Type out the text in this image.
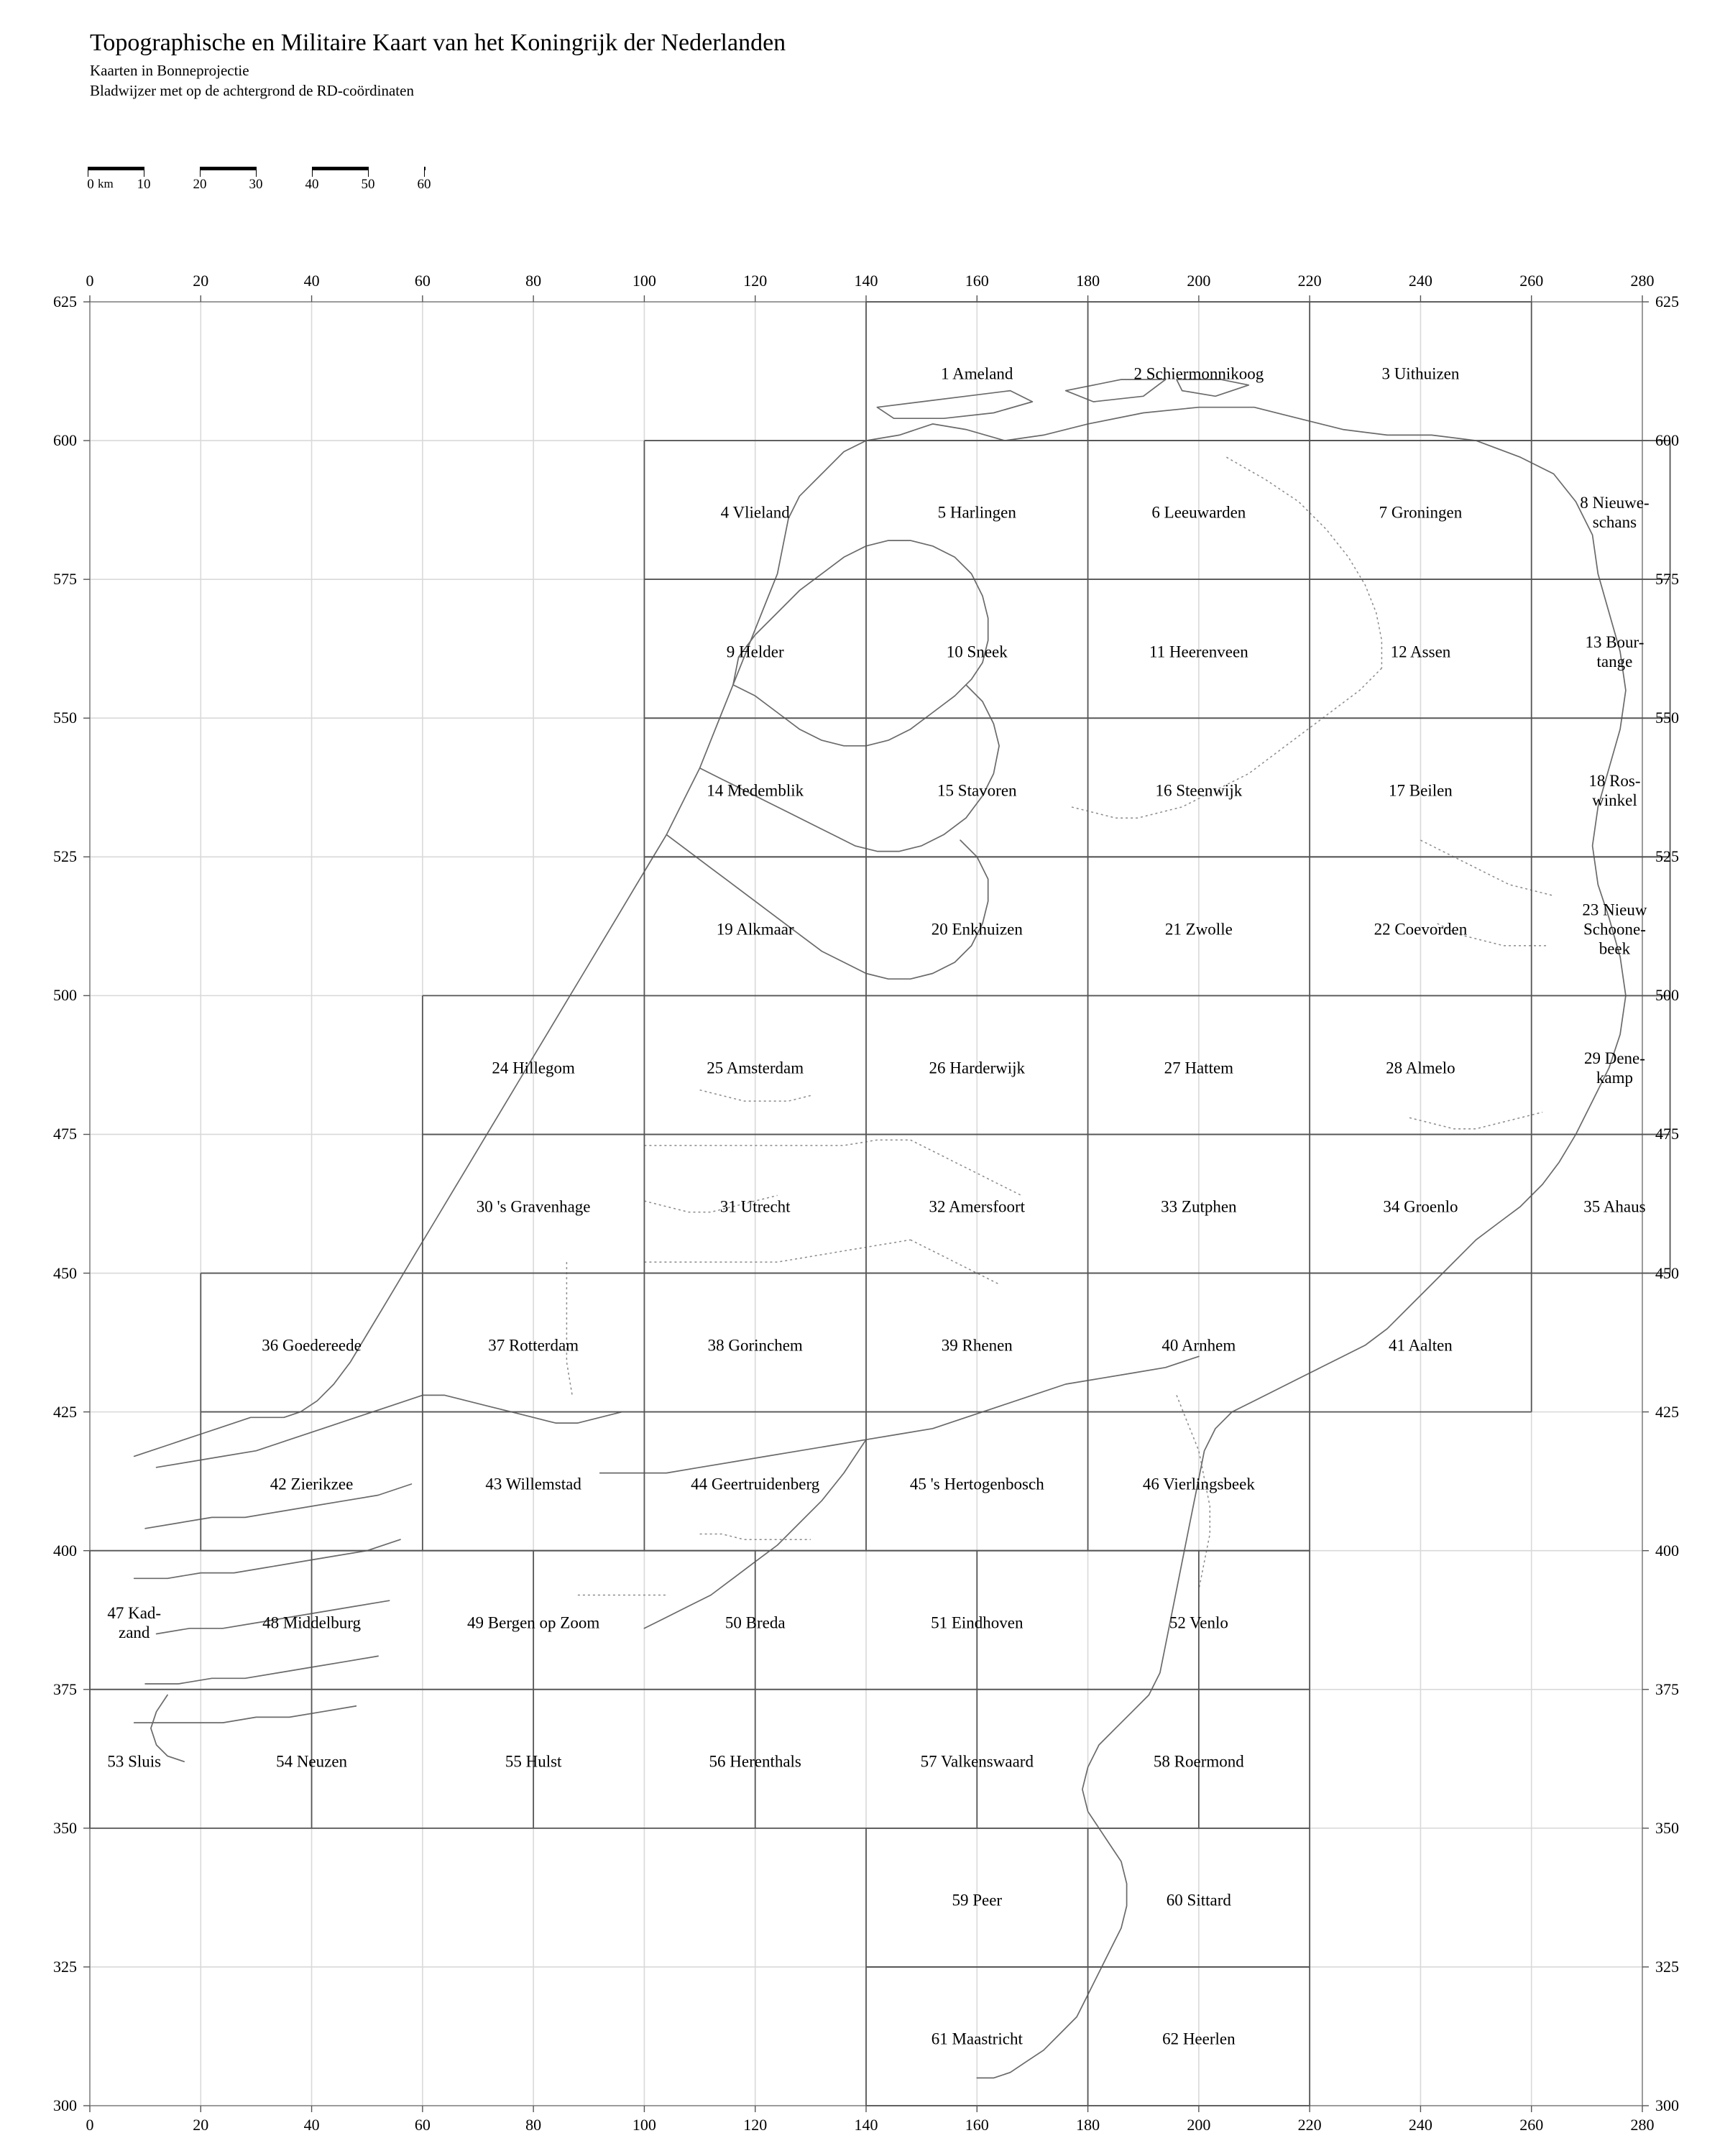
Topographische en Militaire Kaart van het Koningrijk der Nederlanden
Kaarten in Bonneprojectie
Bladwijzer met op de achtergrond de RD-coördinaten
0 km 10	20	30	40	50	60
0	20	40	60	80	100	120	140	160	180	200	220	240	260	280
0	20	40	60	80	100	120	140	160	180	200	220	240	260	280
625
600
575
550
525
500
475
450
425
400
375
350
325
300
625
600
575
550
525
500
475
450
425
400
375
350
325
300
1 Ameland	2 Schiermonnikoog	3 Uithuizen
4 Vlieland	5 Harlingen	6 Leeuwarden	7 Groningen
8 Nieuwe-
schans
9 Helder	10 Sneek	11 Heerenveen	12 Assen
13 Bour-
tange
14 Medemblik	15 Stavoren	16 Steenwijk	17 Beilen
18 Ros-
winkel
19 Alkmaar	20 Enkhuizen	21 Zwolle	22 Coevorden
23 Nieuw
Schoone-
beek
24 Hillegom	25 Amsterdam	26 Harderwijk	27 Hattem	28 Almelo
29 Dene-
kamp
30 's Gravenhage	31 Utrecht	32 Amersfoort	33 Zutphen	34 Groenlo	35 Ahaus
36 Goedereede	37 Rotterdam	38 Gorinchem	39 Rhenen	40 Arnhem	41 Aalten
42 Zierikzee	43 Willemstad	44 Geertruidenberg	45 's Hertogenbosch	46 Vierlingsbeek
47 Kad-
zand
48 Middelburg	49 Bergen op Zoom	50 Breda	51 Eindhoven	52 Venlo
53 Sluis	54 Neuzen	55 Hulst	56 Herenthals	57 Valkenswaard	58 Roermond
59 Peer	60 Sittard
61 Maastricht	62 Heerlen
